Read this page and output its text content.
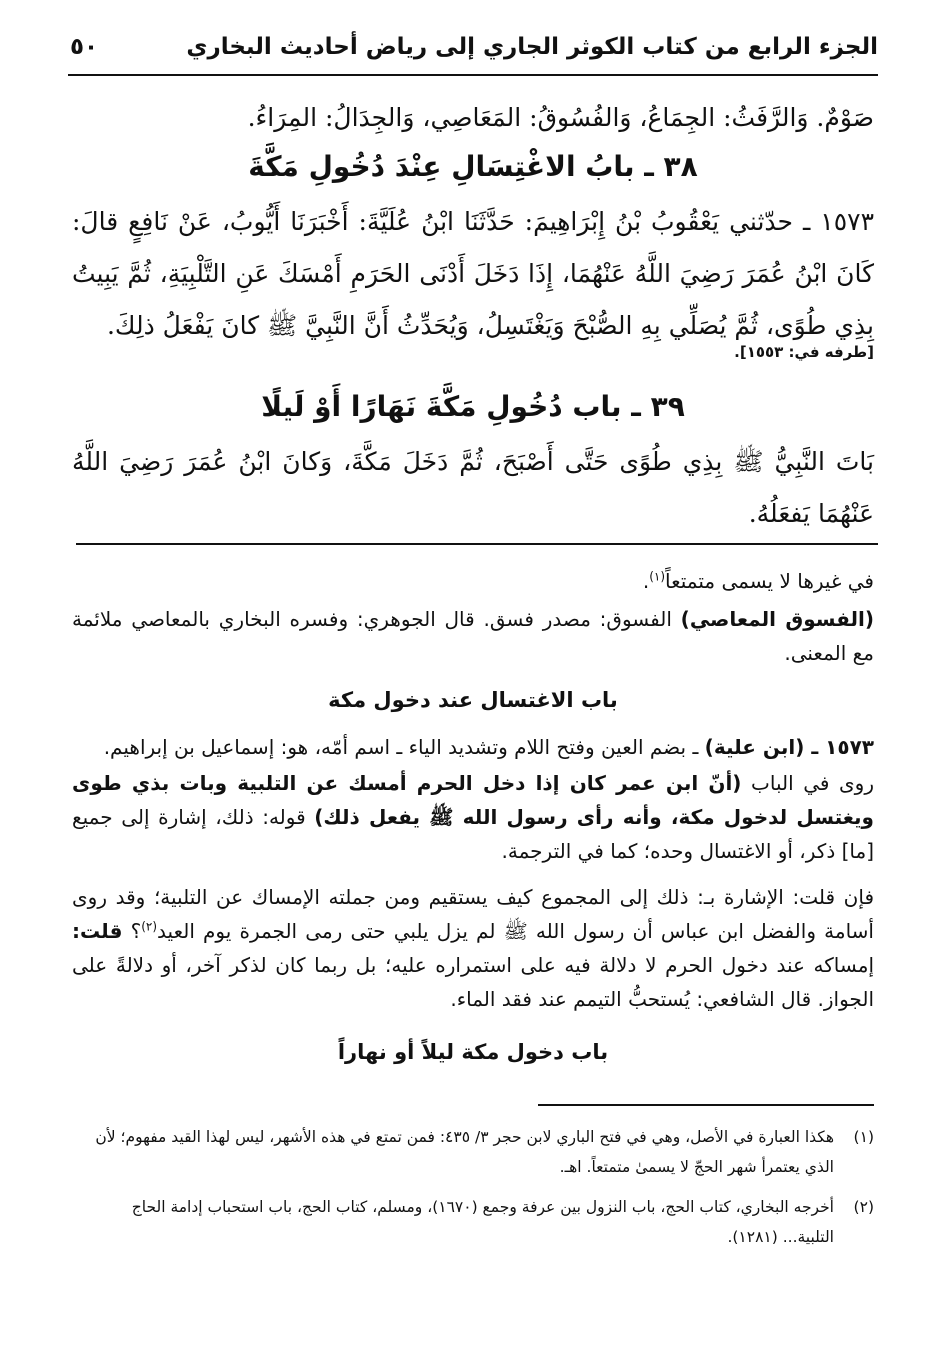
الجزء الرابع من كتاب الكوثر الجاري إلى رياض أحاديث البخاري
٥٠
صَوْمٌ. وَالرَّفَثُ: الجِمَاعُ، وَالفُسُوقُ: المَعَاصِي، وَالجِدَالُ: المِرَاءُ.
٣٨ ـ بابُ الاغْتِسَالِ عِنْدَ دُخُولِ مَكَّةَ
١٥٧٣ ـ حدّثني يَعْقُوبُ بْنُ إِبْرَاهِيمَ: حَدَّثَنَا ابْنُ عُلَيَّةَ: أَخْبَرَنَا أَيُّوبُ، عَنْ نَافِعٍ قالَ: كَانَ ابْنُ عُمَرَ رَضِيَ اللَّهُ عَنْهُمَا، إِذَا دَخَلَ أَدْنَى الحَرَمِ أَمْسَكَ عَنِ التَّلْبِيَةِ، ثُمَّ يَبِيتُ بِذِي طُوًى، ثُمَّ يُصَلِّي بِهِ الصُّبْحَ وَيَغْتَسِلُ، وَيُحَدِّثُ أَنَّ النَّبِيَّ ﷺ كانَ يَفْعَلُ ذلِكَ.
[طرفه في: ١٥٥٣].
٣٩ ـ باب دُخُولِ مَكَّةَ نَهَارًا أَوْ لَيلًا
بَاتَ النَّبِيُّ ﷺ بِذِي طُوًى حَتَّى أَصْبَحَ، ثُمَّ دَخَلَ مَكَّةَ، وَكانَ ابْنُ عُمَرَ رَضِيَ اللَّهُ عَنْهُمَا يَفعَلُهُ.
في غيرها لا يسمى متمتعاً$^{(١)}$.
(الفسوق المعاصي) الفسوق: مصدر فسق. قال الجوهري: وفسره البخاري بالمعاصي ملائمة مع المعنى.
باب الاغتسال عند دخول مكة
١٥٧٣ ـ (ابن علية) ـ بضم العين وفتح اللام وتشديد الياء ـ اسم أمّه، هو: إسماعيل بن إبراهيم.
روى في الباب (أنّ ابن عمر كان إذا دخل الحرم أمسك عن التلبية وبات بذي طوى ويغتسل لدخول مكة، وأنه رأى رسول الله ﷺ يفعل ذلك) قوله: ذلك، إشارة إلى جميع [ما] ذكر، أو الاغتسال وحده؛ كما في الترجمة.
فإن قلت: الإشارة بـ: ذلك إلى المجموع كيف يستقيم ومن جملته الإمساك عن التلبية؛ وقد روى أسامة والفضل ابن عباس أن رسول الله ﷺ لم يزل يلبي حتى رمى الجمرة يوم العيد$^{(٢)}$؟ قلت: إمساكه عند دخول الحرم لا دلالة فيه على استمراره عليه؛ بل ربما كان لذكر آخر، أو دلالةً على الجواز. قال الشافعي: يُستحبُّ التيمم عند فقد الماء.
باب دخول مكة ليلاً أو نهاراً
(١)
هكذا العبارة في الأصل، وهي في فتح الباري لابن حجر ٣/ ٤٣٥: فمن تمتع في هذه الأشهر، ليس لهذا القيد مفهوم؛ لأن الذي يعتمرأ شهر الحجّ لا يسمىٰ متمتعاً. اهـ.
(٢)
أخرجه البخاري، كتاب الحج، باب النزول بين عرفة وجمع (١٦٧٠)، ومسلم، كتاب الحج، باب استحباب إدامة الحاج التلبية... (١٢٨١).
